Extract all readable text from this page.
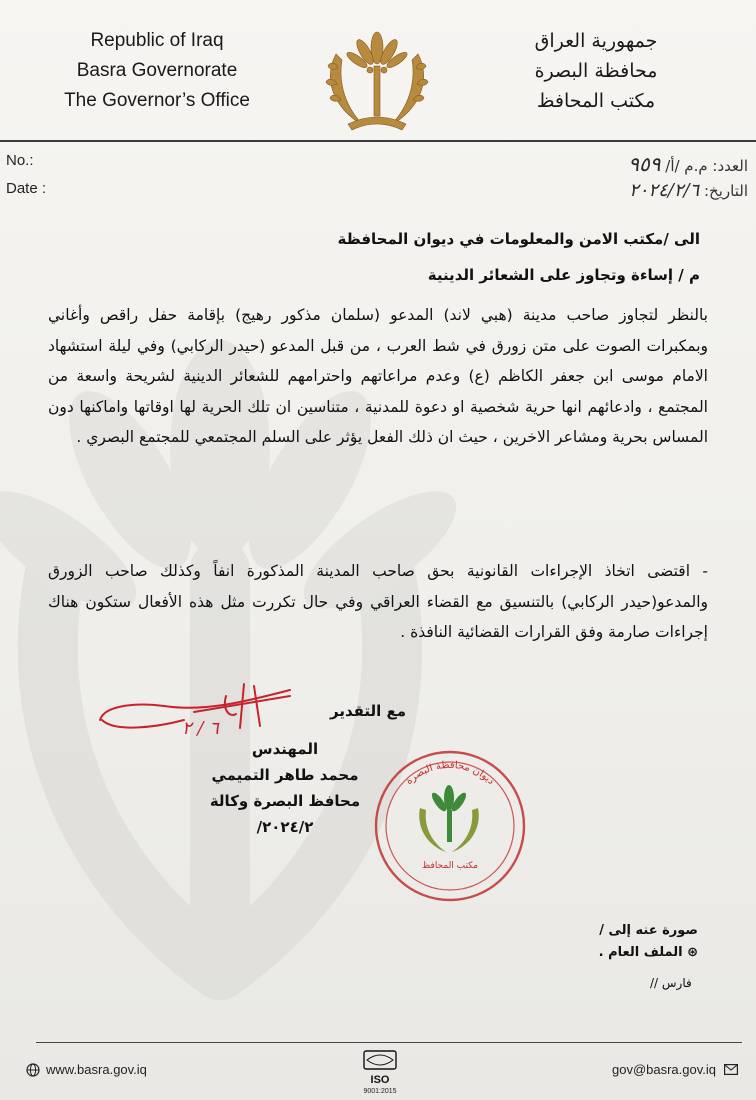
Republic of Iraq
Basra Governorate
The Governor’s Office
جمهورية العراق
محافظة البصرة
مكتب المحافظ
No.:
Date :
العدد: م.م /أ/ ٩٥٩
التاريخ: ٢٠٢٤/٢/٦
الى /مكتب الامن والمعلومات في ديوان المحافظة
م / إساءة وتجاوز على الشعائر الدينية
بالنظر لتجاوز صاحب مدينة (هبي لاند) المدعو (سلمان مذكور رهيج) بإقامة حفل راقص وأغاني وبمكبرات الصوت على متن زورق في شط العرب ، من قبل المدعو (حيدر الركابي) وفي ليلة استشهاد الامام موسى ابن جعفر الكاظم (ع) وعدم مراعاتهم واحترامهم للشعائر الدينية لشريحة واسعة من المجتمع ، وادعائهم انها حرية شخصية او دعوة للمدنية ، متناسين ان تلك الحرية لها اوقاتها واماكنها دون المساس بحرية ومشاعر الاخرين ، حيث ان ذلك الفعل يؤثر على السلم المجتمعي للمجتمع البصري .
- اقتضى اتخاذ الإجراءات القانونية بحق صاحب المدينة المذكورة انفاً وكذلك صاحب الزورق والمدعو(حيدر الركابي) بالتنسيق مع القضاء العراقي وفي حال تكررت مثل هذه الأفعال ستكون هناك إجراءات صارمة وفق القرارات القضائية النافذة .
٦ / ٢
مع التقدير
المهندس
محمد طاهر التميمي
محافظ البصرة وكالة
٢٠٢٤/٢/
ديوان محافظة البصرة
مكتب المحافظ
صورة عنه إلى /
⊛ الملف العام .
فارس //
www.basra.gov.iq
ISO
9001:2015
gov@basra.gov.iq
